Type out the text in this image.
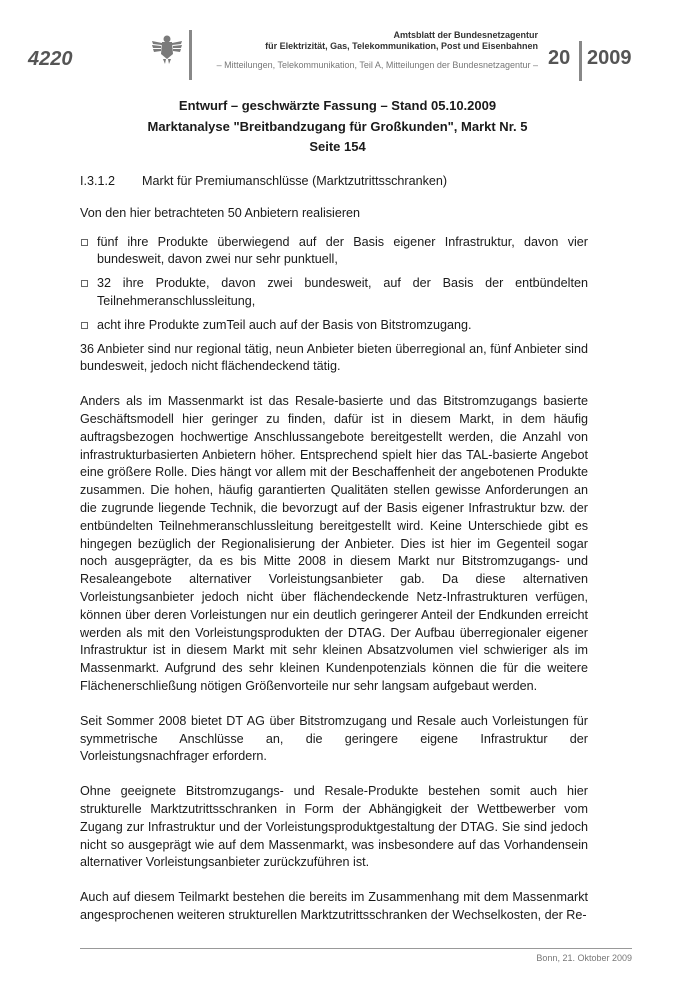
4220
Amtsblatt der Bundesnetzagentur
für Elektrizität, Gas, Telekommunikation, Post und Eisenbahnen
– Mitteilungen, Telekommunikation, Teil A, Mitteilungen der Bundesnetzagentur – 20 2009
Entwurf – geschwärzte Fassung – Stand 05.10.2009
Marktanalyse "Breitbandzugang für Großkunden", Markt Nr. 5
Seite 154

I.3.1.2 Markt für Premiumanschlüsse (Marktzutrittsschranken)

Von den hier betrachteten 50 Anbietern realisieren

fünf ihre Produkte überwiegend auf der Basis eigener Infrastruktur, davon vier bundesweit, davon zwei nur sehr punktuell,
32 ihre Produkte, davon zwei bundesweit, auf der Basis der entbündelten Teilnehmeranschlussleitung,
acht ihre Produkte zumTeil auch auf der Basis von Bitstromzugang.

36 Anbieter sind nur regional tätig, neun Anbieter bieten überregional an, fünf Anbieter sind bundesweit, jedoch nicht flächendeckend tätig.

Anders als im Massenmarkt ist das Resale-basierte und das Bitstromzugangs basierte Geschäftsmodell hier geringer zu finden, dafür ist in diesem Markt, in dem häufig auftragsbezogen hochwertige Anschlussangebote bereitgestellt werden, die Anzahl von infrastrukturbasierten Anbietern höher. Entsprechend spielt hier das TAL-basierte Angebot eine größere Rolle. Dies hängt vor allem mit der Beschaffenheit der angebotenen Produkte zusammen. Die hohen, häufig garantierten Qualitäten stellen gewisse Anforderungen an die zugrunde liegende Technik, die bevorzugt auf der Basis eigener Infrastruktur bzw. der entbündelten Teilnehmeranschlussleitung bereitgestellt wird. Keine Unterschiede gibt es hingegen bezüglich der Regionalisierung der Anbieter. Dies ist hier im Gegenteil sogar noch ausgeprägter, da es bis Mitte 2008 in diesem Markt nur Bitstromzugangs- und Resaleangebote alternativer Vorleistungsanbieter gab. Da diese alternativen Vorleistungsanbieter jedoch nicht über flächendeckende Netz-Infrastrukturen verfügen, können über deren Vorleistungen nur ein deutlich geringerer Anteil der Endkunden erreicht werden als mit den Vorleistungsprodukten der DTAG. Der Aufbau überregionaler eigener Infrastruktur ist in diesem Markt mit sehr kleinen Absatzvolumen viel schwieriger als im Massenmarkt. Aufgrund des sehr kleinen Kundenpotenzials können die für die weitere Flächenerschließung nötigen Größenvorteile nur sehr langsam aufgebaut werden.

Seit Sommer 2008 bietet DT AG über Bitstromzugang und Resale auch Vorleistungen für symmetrische Anschlüsse an, die geringere eigene Infrastruktur der Vorleistungsnachfrager erfordern.

Ohne geeignete Bitstromzugangs- und Resale-Produkte bestehen somit auch hier strukturelle Marktzutrittsschranken in Form der Abhängigkeit der Wettbewerber vom Zugang zur Infrastruktur und der Vorleistungsproduktgestaltung der DTAG. Sie sind jedoch nicht so ausgeprägt wie auf dem Massenmarkt, was insbesondere auf das Vorhandensein alternativer Vorleistungsanbieter zurückzuführen ist.

Auch auf diesem Teilmarkt bestehen die bereits im Zusammenhang mit dem Massenmarkt angesprochenen weiteren strukturellen Marktzutrittsschranken der Wechselkosten, der Re-

Bonn, 21. Oktober 2009
